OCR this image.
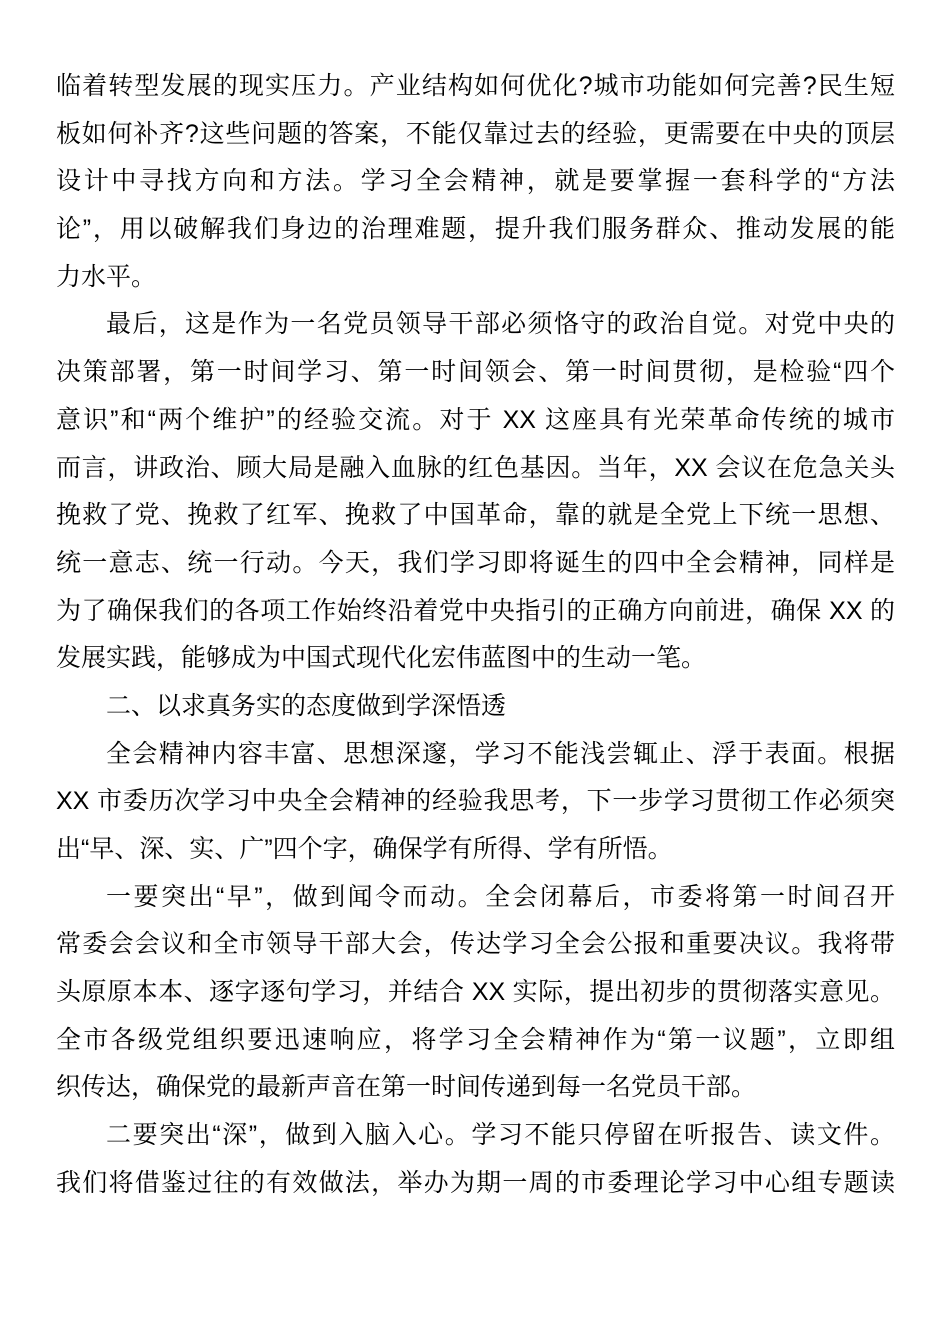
临着转型发展的现实压力。产业结构如何优化?城市功能如何完善?民生短
板如何补齐?这些问题的答案，不能仅靠过去的经验，更需要在中央的顶层
设计中寻找方向和方法。学习全会精神，就是要掌握一套科学的“方法
论”，用以破解我们身边的治理难题，提升我们服务群众、推动发展的能
力水平。
最后，这是作为一名党员领导干部必须恪守的政治自觉。对党中央的
决策部署，第一时间学习、第一时间领会、第一时间贯彻，是检验“四个
意识”和“两个维护”的经验交流。对于 XX 这座具有光荣革命传统的城市
而言，讲政治、顾大局是融入血脉的红色基因。当年，XX 会议在危急关头
挽救了党、挽救了红军、挽救了中国革命，靠的就是全党上下统一思想、
统一意志、统一行动。今天，我们学习即将诞生的四中全会精神，同样是
为了确保我们的各项工作始终沿着党中央指引的正确方向前进，确保 XX 的
发展实践，能够成为中国式现代化宏伟蓝图中的生动一笔。
二、以求真务实的态度做到学深悟透
全会精神内容丰富、思想深邃，学习不能浅尝辄止、浮于表面。根据
XX 市委历次学习中央全会精神的经验我思考，下一步学习贯彻工作必须突
出“早、深、实、广”四个字，确保学有所得、学有所悟。
一要突出“早”，做到闻令而动。全会闭幕后，市委将第一时间召开
常委会会议和全市领导干部大会，传达学习全会公报和重要决议。我将带
头原原本本、逐字逐句学习，并结合 XX 实际，提出初步的贯彻落实意见。
全市各级党组织要迅速响应，将学习全会精神作为“第一议题”，立即组
织传达，确保党的最新声音在第一时间传递到每一名党员干部。
二要突出“深”，做到入脑入心。学习不能只停留在听报告、读文件。
我们将借鉴过往的有效做法，举办为期一周的市委理论学习中心组专题读
